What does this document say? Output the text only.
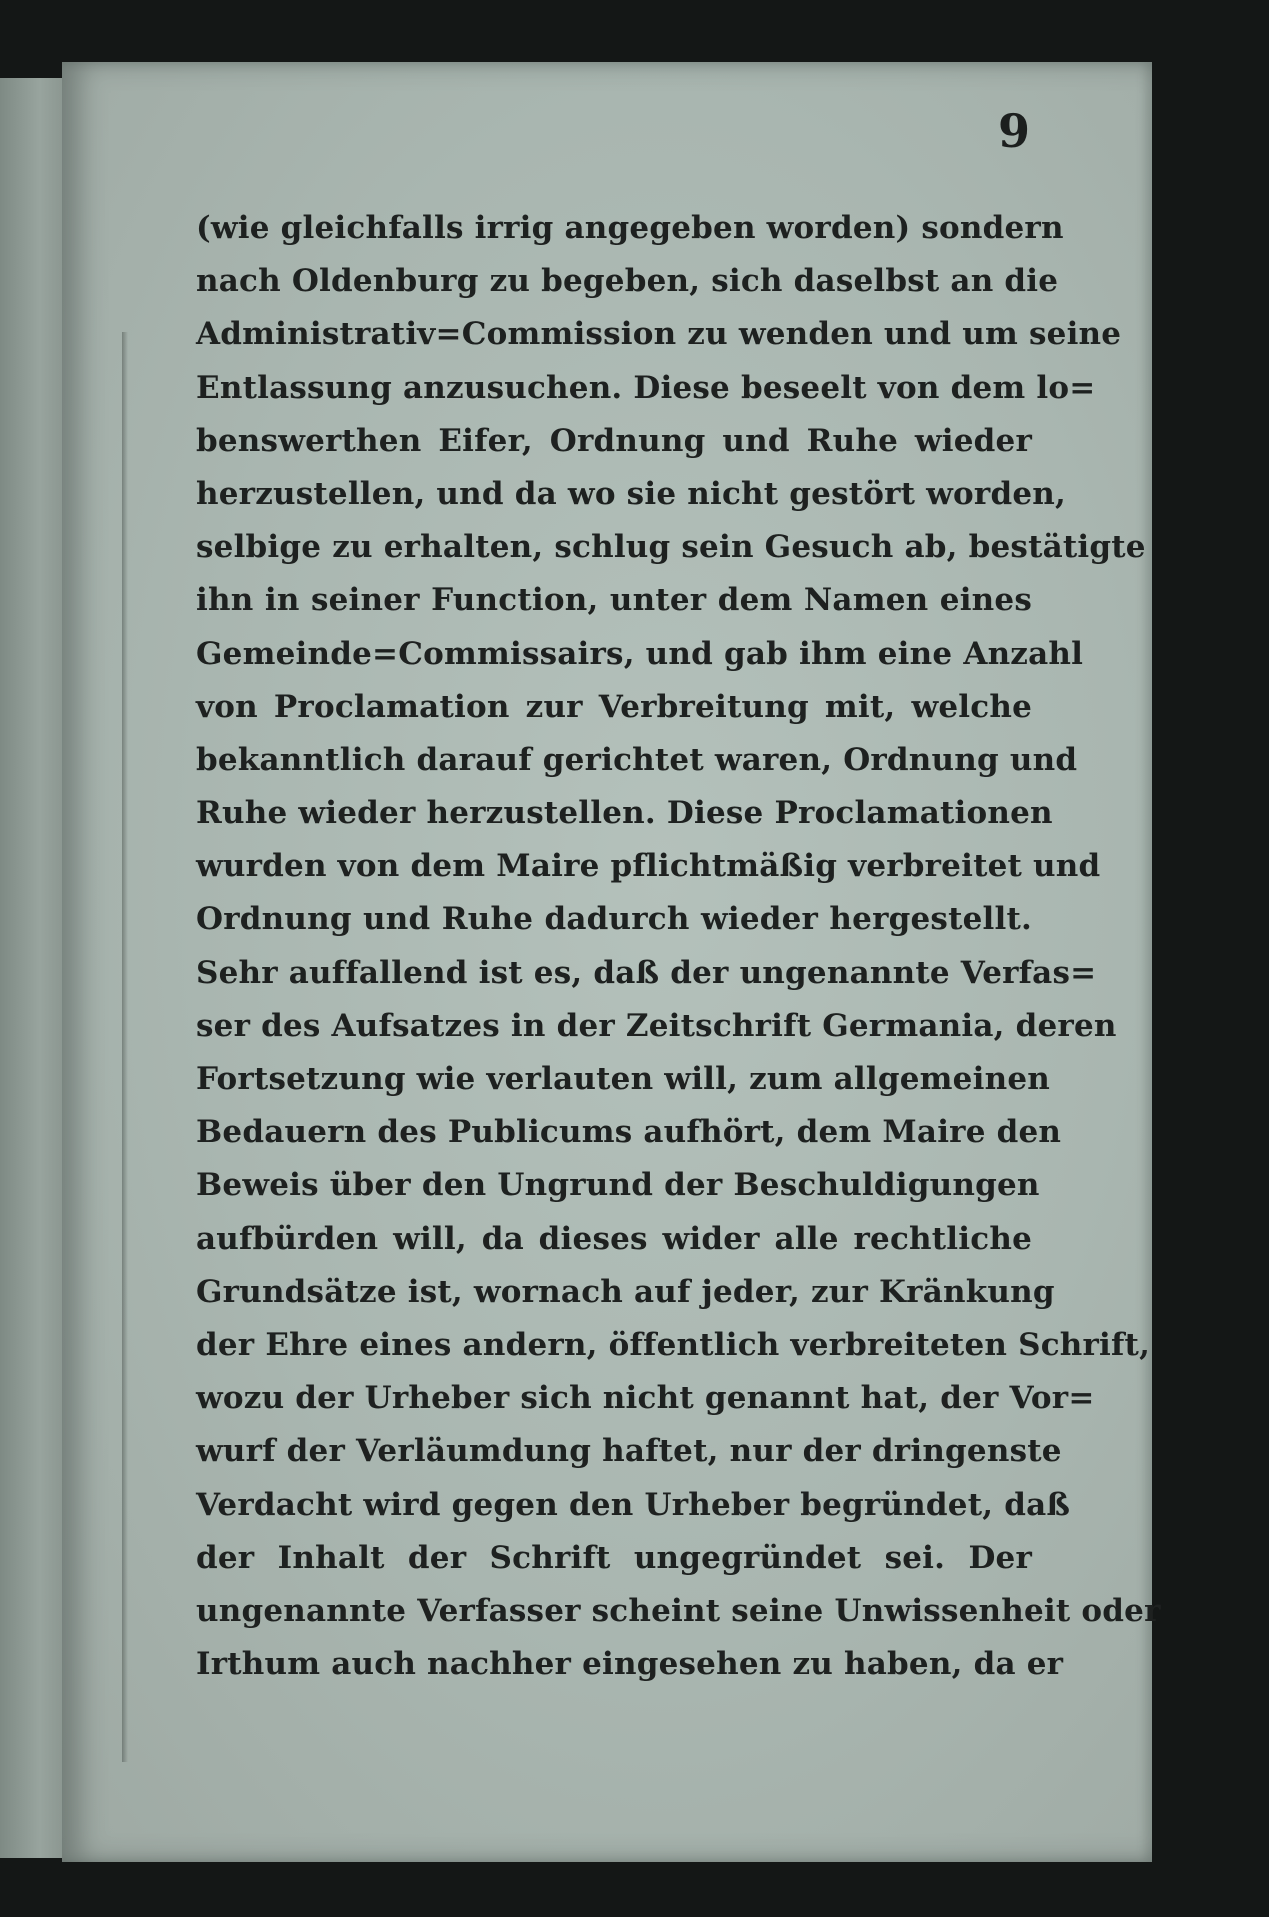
9

(wie gleichfalls irrig angegeben worden) sondern
nach Oldenburg zu begeben, sich daselbst an die
Administrativ=Commission zu wenden und um seine
Entlassung anzusuchen. Diese beseelt von dem lo=
benswerthen Eifer, Ordnung und Ruhe wieder
herzustellen, und da wo sie nicht gestört worden,
selbige zu erhalten, schlug sein Gesuch ab, bestätigte
ihn in seiner Function, unter dem Namen eines
Gemeinde=Commissairs, und gab ihm eine Anzahl
von Proclamation zur Verbreitung mit, welche
bekanntlich darauf gerichtet waren, Ordnung und
Ruhe wieder herzustellen. Diese Proclamationen
wurden von dem Maire pflichtmäßig verbreitet und
Ordnung und Ruhe dadurch wieder hergestellt.
Sehr auffallend ist es, daß der ungenannte Verfas=
ser des Aufsatzes in der Zeitschrift Germania, deren
Fortsetzung wie verlauten will, zum allgemeinen
Bedauern des Publicums aufhört, dem Maire den
Beweis über den Ungrund der Beschuldigungen
aufbürden will, da dieses wider alle rechtliche
Grundsätze ist, wornach auf jeder, zur Kränkung
der Ehre eines andern, öffentlich verbreiteten Schrift,
wozu der Urheber sich nicht genannt hat, der Vor=
wurf der Verläumdung haftet, nur der dringenste
Verdacht wird gegen den Urheber begründet, daß
der Inhalt der Schrift ungegründet sei. Der
ungenannte Verfasser scheint seine Unwissenheit oder
Irthum auch nachher eingesehen zu haben, da er
